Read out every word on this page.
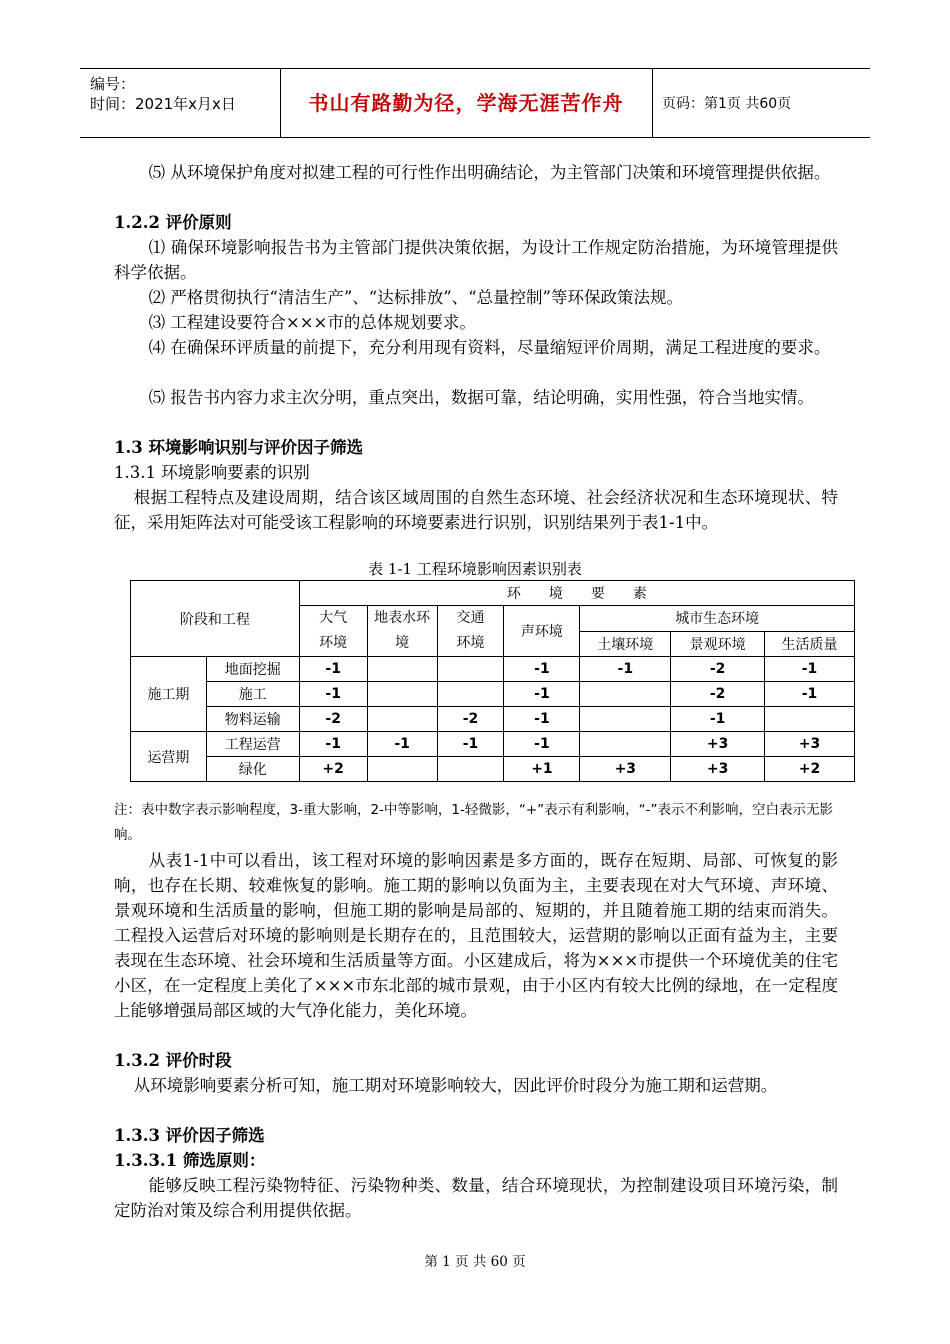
编号：
时间：2021年x月x日	书山有路勤为径，学海无涯苦作舟	页码：第1页 共60页
⑸ 从环境保护角度对拟建工程的可行性作出明确结论，为主管部门决策和环境管理提供依据。
1.2.2 评价原则
⑴ 确保环境影响报告书为主管部门提供决策依据，为设计工作规定防治措施，为环境管理提供科学依据。
⑵ 严格贯彻执行“清洁生产”、“达标排放”、“总量控制”等环保政策法规。
⑶ 工程建设要符合×××市的总体规划要求。
⑷ 在确保环评质量的前提下，充分利用现有资料，尽量缩短评价周期，满足工程进度的要求。
⑸ 报告书内容力求主次分明，重点突出，数据可靠，结论明确，实用性强，符合当地实情。
1.3 环境影响识别与评价因子筛选
1.3.1 环境影响要素的识别
根据工程特点及建设周期，结合该区域周围的自然生态环境、社会经济状况和生态环境现状、特征，采用矩阵法对可能受该工程影响的环境要素进行识别，识别结果列于表1-1中。
表 1-1 工程环境影响因素识别表
阶段和工程		环　　境　　要　　素						
		大气环境	地表水环境	交通环境	声环境	城市生态环境		
						土壤环境	景观环境	生活质量
施工期	地面挖掘	-1			-1	-1	-2	-1
	施工	-1			-1		-2	-1
	物料运输	-2		-2	-1		-1	
运营期	工程运营	-1	-1	-1	-1		+3	+3
	绿化	+2			+1	+3	+3	+2
注：表中数字表示影响程度，3-重大影响，2-中等影响，1-轻微影，“+”表示有利影响，“-”表示不利影响，空白表示无影响。
从表1-1中可以看出，该工程对环境的影响因素是多方面的，既存在短期、局部、可恢复的影响，也存在长期、较难恢复的影响。施工期的影响以负面为主，主要表现在对大气环境、声环境、景观环境和生活质量的影响，但施工期的影响是局部的、短期的，并且随着施工期的结束而消失。工程投入运营后对环境的影响则是长期存在的，且范围较大，运营期的影响以正面有益为主，主要表现在生态环境、社会环境和生活质量等方面。小区建成后，将为×××市提供一个环境优美的住宅小区，在一定程度上美化了×××市东北部的城市景观，由于小区内有较大比例的绿地，在一定程度上能够增强局部区域的大气净化能力，美化环境。
1.3.2 评价时段
从环境影响要素分析可知，施工期对环境影响较大，因此评价时段分为施工期和运营期。
1.3.3 评价因子筛选
1.3.3.1 筛选原则：
能够反映工程污染物特征、污染物种类、数量，结合环境现状，为控制建设项目环境污染，制定防治对策及综合利用提供依据。
第 1 页 共 60 页
